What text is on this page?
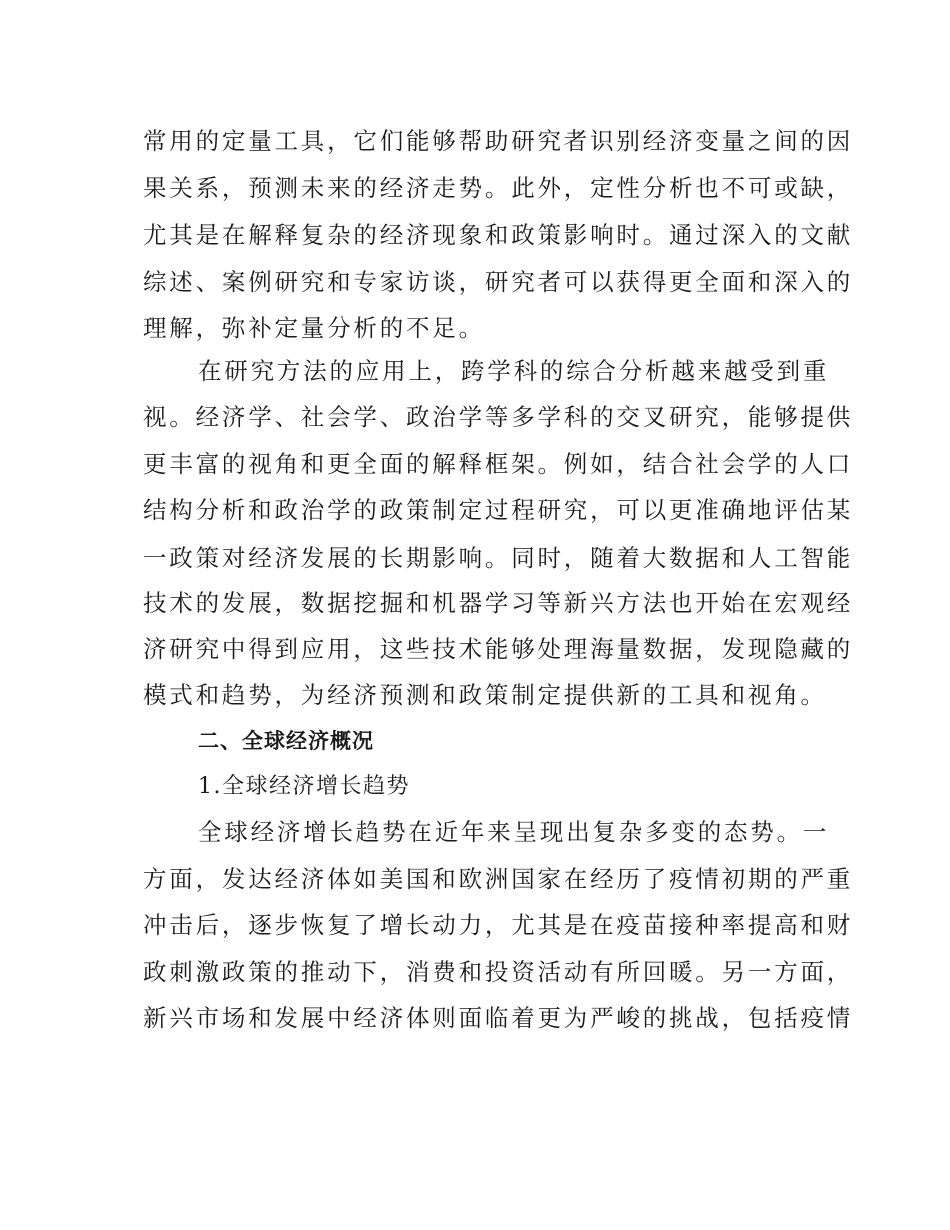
常用的定量工具，它们能够帮助研究者识别经济变量之间的因
果关系，预测未来的经济走势。此外，定性分析也不可或缺，
尤其是在解释复杂的经济现象和政策影响时。通过深入的文献
综述、案例研究和专家访谈，研究者可以获得更全面和深入的
理解，弥补定量分析的不足。
在研究方法的应用上，跨学科的综合分析越来越受到重
视。经济学、社会学、政治学等多学科的交叉研究，能够提供
更丰富的视角和更全面的解释框架。例如，结合社会学的人口
结构分析和政治学的政策制定过程研究，可以更准确地评估某
一政策对经济发展的长期影响。同时，随着大数据和人工智能
技术的发展，数据挖掘和机器学习等新兴方法也开始在宏观经
济研究中得到应用，这些技术能够处理海量数据，发现隐藏的
模式和趋势，为经济预测和政策制定提供新的工具和视角。
二、全球经济概况
1.全球经济增长趋势
全球经济增长趋势在近年来呈现出复杂多变的态势。一
方面，发达经济体如美国和欧洲国家在经历了疫情初期的严重
冲击后，逐步恢复了增长动力，尤其是在疫苗接种率提高和财
政刺激政策的推动下，消费和投资活动有所回暖。另一方面，
新兴市场和发展中经济体则面临着更为严峻的挑战，包括疫情
